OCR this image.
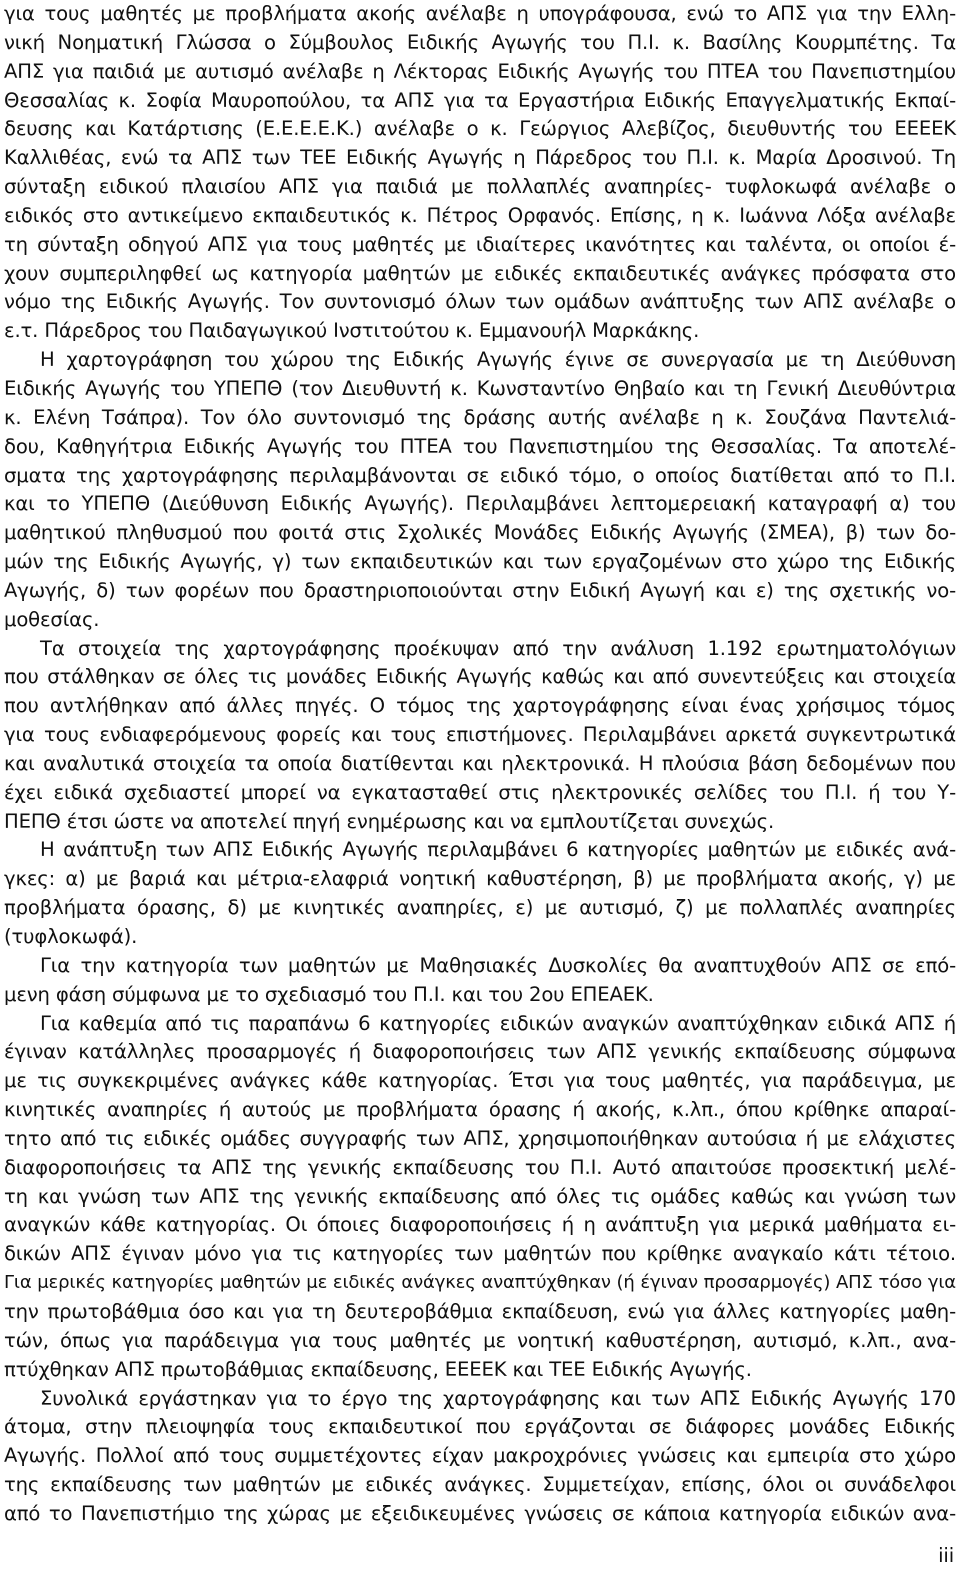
για τους μαθητές με προβλήματα ακοής ανέλαβε η υπογράφουσα, ενώ το ΑΠΣ για την Ελλη-
νική Νοηματική Γλώσσα ο Σύμβουλος Ειδικής Αγωγής του Π.Ι. κ. Βασίλης Κουρμπέτης. Τα
ΑΠΣ για παιδιά με αυτισμό ανέλαβε η Λέκτορας Ειδικής Αγωγής του ΠΤΕΑ του Πανεπιστημίου
Θεσσαλίας κ. Σοφία Μαυροπούλου, τα ΑΠΣ για τα Εργαστήρια Ειδικής Επαγγελματικής Εκπαί-
δευσης και Κατάρτισης (Ε.Ε.Ε.Ε.Κ.) ανέλαβε ο κ. Γεώργιος Αλεβίζος, διευθυντής του ΕΕΕΕΚ
Καλλιθέας, ενώ τα ΑΠΣ των ΤΕΕ Ειδικής Αγωγής η Πάρεδρος του Π.Ι. κ. Μαρία Δροσινού. Τη
σύνταξη ειδικού πλαισίου ΑΠΣ για παιδιά με πολλαπλές αναπηρίες- τυφλοκωφά ανέλαβε ο
ειδικός στο αντικείμενο εκπαιδευτικός κ. Πέτρος Ορφανός. Επίσης, η κ. Ιωάννα Λόξα ανέλαβε
τη σύνταξη οδηγού ΑΠΣ για τους μαθητές με ιδιαίτερες ικανότητες και ταλέντα, οι οποίοι έ-
χουν συμπεριληφθεί ως κατηγορία μαθητών με ειδικές εκπαιδευτικές ανάγκες πρόσφατα στο
νόμο της Ειδικής Αγωγής. Τον συντονισμό όλων των ομάδων ανάπτυξης των ΑΠΣ ανέλαβε ο
ε.τ. Πάρεδρος του Παιδαγωγικού Ινστιτούτου κ. Εμμανουήλ Μαρκάκης.
Η χαρτογράφηση του χώρου της Ειδικής Αγωγής έγινε σε συνεργασία με τη Διεύθυνση
Ειδικής Αγωγής του ΥΠΕΠΘ (τον Διευθυντή κ. Κωνσταντίνο Θηβαίο και τη Γενική Διευθύντρια
κ. Ελένη Τσάπρα). Τον όλο συντονισμό της δράσης αυτής ανέλαβε η κ. Σουζάνα Παντελιά-
δου, Καθηγήτρια Ειδικής Αγωγής του ΠΤΕΑ του Πανεπιστημίου της Θεσσαλίας. Τα αποτελέ-
σματα της χαρτογράφησης περιλαμβάνονται σε ειδικό τόμο, ο οποίος διατίθεται από το Π.Ι.
και το ΥΠΕΠΘ (Διεύθυνση Ειδικής Αγωγής). Περιλαμβάνει λεπτομερειακή καταγραφή α) του
μαθητικού πληθυσμού που φοιτά στις Σχολικές Μονάδες Ειδικής Αγωγής (ΣΜΕΑ), β) των δο-
μών της Ειδικής Αγωγής, γ) των εκπαιδευτικών και των εργαζομένων στο χώρο της Ειδικής
Αγωγής, δ) των φορέων που δραστηριοποιούνται στην Ειδική Αγωγή και ε) της σχετικής νο-
μοθεσίας.
Τα στοιχεία της χαρτογράφησης προέκυψαν από την ανάλυση 1.192 ερωτηματολόγιων
που στάλθηκαν σε όλες τις μονάδες Ειδικής Αγωγής καθώς και από συνεντεύξεις και στοιχεία
που αντλήθηκαν από άλλες πηγές. Ο τόμος της χαρτογράφησης είναι ένας χρήσιμος τόμος
για τους ενδιαφερόμενους φορείς και τους επιστήμονες. Περιλαμβάνει αρκετά συγκεντρωτικά
και αναλυτικά στοιχεία τα οποία διατίθενται και ηλεκτρονικά. Η πλούσια βάση δεδομένων που
έχει ειδικά σχεδιαστεί μπορεί να εγκατασταθεί στις ηλεκτρονικές σελίδες του Π.Ι. ή του Υ-
ΠΕΠΘ έτσι ώστε να αποτελεί πηγή ενημέρωσης και να εμπλουτίζεται συνεχώς.
Η ανάπτυξη των ΑΠΣ Ειδικής Αγωγής περιλαμβάνει 6 κατηγορίες μαθητών με ειδικές ανά-
γκες: α) με βαριά και μέτρια-ελαφριά νοητική καθυστέρηση, β) με προβλήματα ακοής, γ) με
προβλήματα όρασης, δ) με κινητικές αναπηρίες, ε) με αυτισμό, ζ) με πολλαπλές αναπηρίες
(τυφλοκωφά).
Για την κατηγορία των μαθητών με Μαθησιακές Δυσκολίες θα αναπτυχθούν ΑΠΣ σε επό-
μενη φάση σύμφωνα με το σχεδιασμό του Π.Ι. και του 2ου ΕΠΕΑΕΚ.
Για καθεμία από τις παραπάνω 6 κατηγορίες ειδικών αναγκών αναπτύχθηκαν ειδικά ΑΠΣ ή
έγιναν κατάλληλες προσαρμογές ή διαφοροποιήσεις των ΑΠΣ γενικής εκπαίδευσης σύμφωνα
με τις συγκεκριμένες ανάγκες κάθε κατηγορίας. Έτσι για τους μαθητές, για παράδειγμα, με
κινητικές αναπηρίες ή αυτούς με προβλήματα όρασης ή ακοής, κ.λπ., όπου κρίθηκε απαραί-
τητο από τις ειδικές ομάδες συγγραφής των ΑΠΣ, χρησιμοποιήθηκαν αυτούσια ή με ελάχιστες
διαφοροποιήσεις τα ΑΠΣ της γενικής εκπαίδευσης του Π.Ι. Αυτό απαιτούσε προσεκτική μελέ-
τη και γνώση των ΑΠΣ της γενικής εκπαίδευσης από όλες τις ομάδες καθώς και γνώση των
αναγκών κάθε κατηγορίας. Οι όποιες διαφοροποιήσεις ή η ανάπτυξη για μερικά μαθήματα ει-
δικών ΑΠΣ έγιναν μόνο για τις κατηγορίες των μαθητών που κρίθηκε αναγκαίο κάτι τέτοιο.
Για μερικές κατηγορίες μαθητών με ειδικές ανάγκες αναπτύχθηκαν (ή έγιναν προσαρμογές) ΑΠΣ τόσο για
την πρωτοβάθμια όσο και για τη δευτεροβάθμια εκπαίδευση, ενώ για άλλες κατηγορίες μαθη-
τών, όπως για παράδειγμα για τους μαθητές με νοητική καθυστέρηση, αυτισμό, κ.λπ., ανα-
πτύχθηκαν ΑΠΣ πρωτοβάθμιας εκπαίδευσης, ΕΕΕΕΚ και ΤΕΕ Ειδικής Αγωγής.
Συνολικά εργάστηκαν για το έργο της χαρτογράφησης και των ΑΠΣ Ειδικής Αγωγής 170
άτομα, στην πλειοψηφία τους εκπαιδευτικοί που εργάζονται σε διάφορες μονάδες Ειδικής
Αγωγής. Πολλοί από τους συμμετέχοντες είχαν μακροχρόνιες γνώσεις και εμπειρία στο χώρο
της εκπαίδευσης των μαθητών με ειδικές ανάγκες. Συμμετείχαν, επίσης, όλοι οι συνάδελφοι
από το Πανεπιστήμιο της χώρας με εξειδικευμένες γνώσεις σε κάποια κατηγορία ειδικών ανα-
iii
